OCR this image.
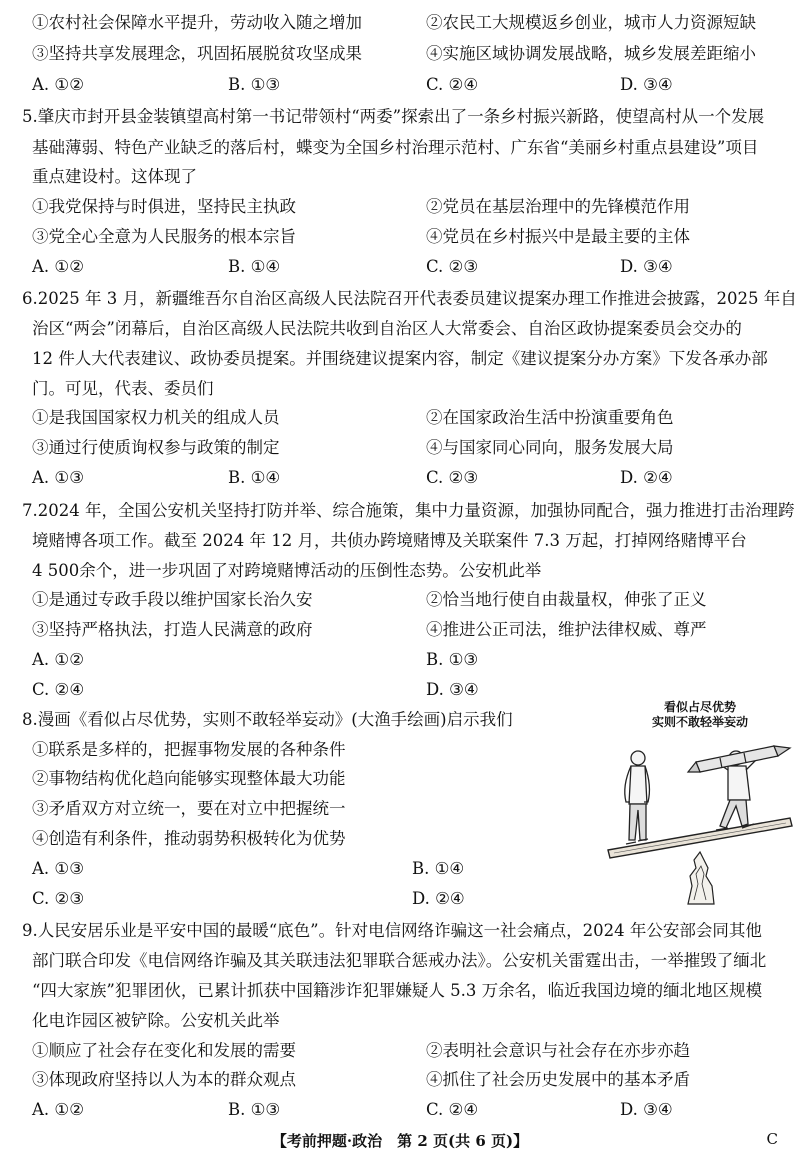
①农村社会保障水平提升，劳动收入随之增加	②农民工大规模返乡创业，城市人力资源短缺
③坚持共享发展理念，巩固拓展脱贫攻坚成果	④实施区域协调发展战略，城乡发展差距缩小
A. ①②	B. ①③	C. ②④	D. ③④
5.肇庆市封开县金装镇望高村第一书记带领村“两委”探索出了一条乡村振兴新路，使望高村从一个发展
基础薄弱、特色产业缺乏的落后村，蝶变为全国乡村治理示范村、广东省“美丽乡村重点县建设”项目
重点建设村。这体现了
①我党保持与时俱进，坚持民主执政	②党员在基层治理中的先锋模范作用
③党全心全意为人民服务的根本宗旨	④党员在乡村振兴中是最主要的主体
A. ①②	B. ①④	C. ②③	D. ③④
6.2025 年 3 月，新疆维吾尔自治区高级人民法院召开代表委员建议提案办理工作推进会披露，2025 年自
治区“两会”闭幕后，自治区高级人民法院共收到自治区人大常委会、自治区政协提案委员会交办的
12 件人大代表建议、政协委员提案。并围绕建议提案内容，制定《建议提案分办方案》下发各承办部
门。可见，代表、委员们
①是我国国家权力机关的组成人员	②在国家政治生活中扮演重要角色
③通过行使质询权参与政策的制定	④与国家同心同向，服务发展大局
A. ①③	B. ①④	C. ②③	D. ②④
7.2024 年，全国公安机关坚持打防并举、综合施策，集中力量资源，加强协同配合，强力推进打击治理跨
境赌博各项工作。截至 2024 年 12 月，共侦办跨境赌博及关联案件 7.3 万起，打掉网络赌博平台
4 500余个，进一步巩固了对跨境赌博活动的压倒性态势。公安机此举
①是通过专政手段以维护国家长治久安	②恰当地行使自由裁量权，伸张了正义
③坚持严格执法，打造人民满意的政府	④推进公正司法，维护法律权威、尊严
A. ①②	B. ①③
C. ②④	D. ③④
8.漫画《看似占尽优势，实则不敢轻举妄动》(大渔手绘画)启示我们
①联系是多样的，把握事物发展的各种条件
②事物结构优化趋向能够实现整体最大功能
③矛盾双方对立统一，要在对立中把握统一
④创造有利条件，推动弱势积极转化为优势
A. ①③	B. ①④
C. ②③	D. ②④
看似占尽优势
实则不敢轻举妄动
9.人民安居乐业是平安中国的最暖“底色”。针对电信网络诈骗这一社会痛点，2024 年公安部会同其他
部门联合印发《电信网络诈骗及其关联违法犯罪联合惩戒办法》。公安机关雷霆出击，一举摧毁了缅北
“四大家族”犯罪团伙，已累计抓获中国籍涉诈犯罪嫌疑人 5.3 万余名，临近我国边境的缅北地区规模
化电诈园区被铲除。公安机关此举
①顺应了社会存在变化和发展的需要	②表明社会意识与社会存在亦步亦趋
③体现政府坚持以人为本的群众观点	④抓住了社会历史发展中的基本矛盾
A. ①②	B. ①③	C. ②④	D. ③④
【考前押题·政治　第 2 页(共 6 页)】	C
